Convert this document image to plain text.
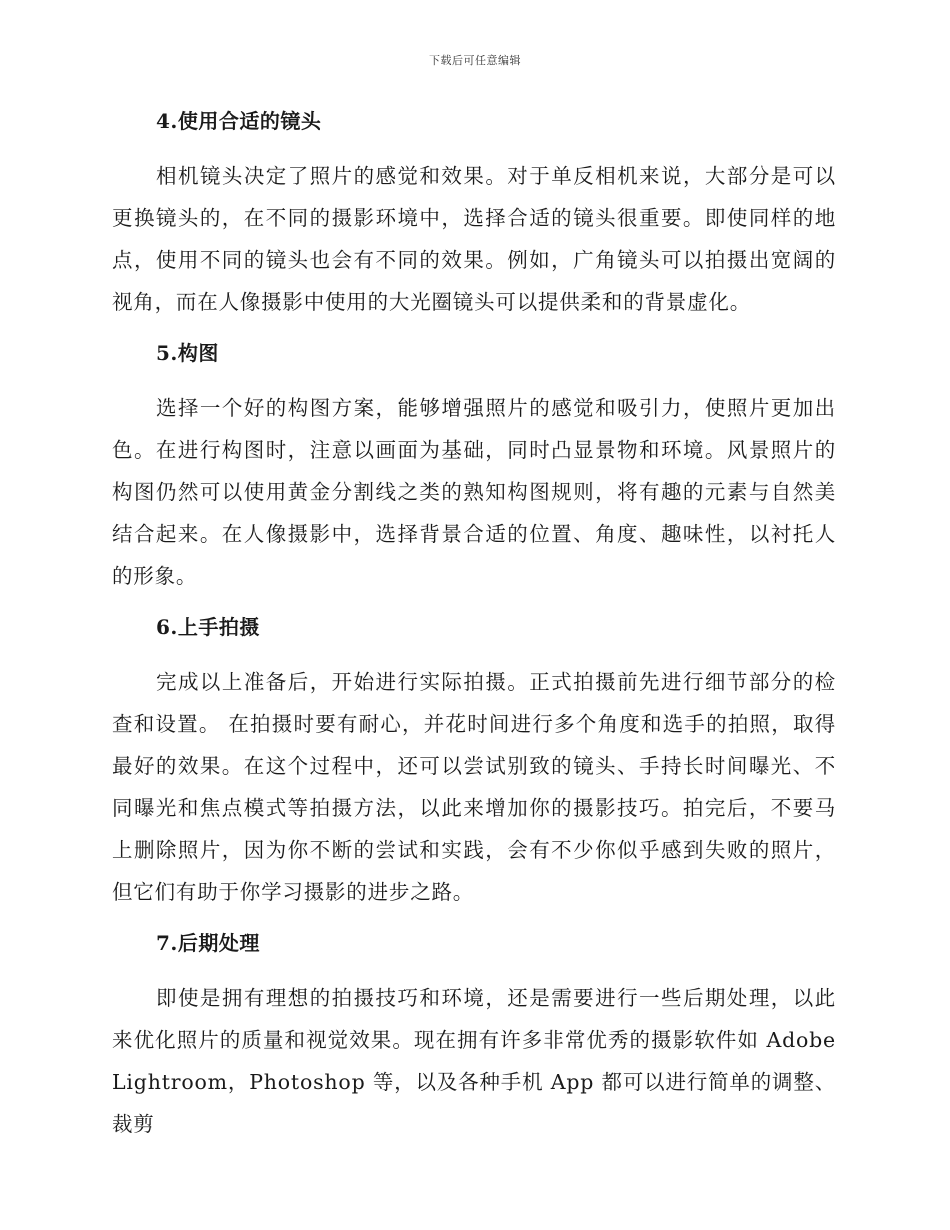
下载后可任意编辑
4.使用合适的镜头

相机镜头决定了照片的感觉和效果。对于单反相机来说，大部分是可以更换镜头的，在不同的摄影环境中，选择合适的镜头很重要。即使同样的地点，使用不同的镜头也会有不同的效果。例如，广角镜头可以拍摄出宽阔的视角，而在人像摄影中使用的大光圈镜头可以提供柔和的背景虚化。

5.构图

选择一个好的构图方案，能够增强照片的感觉和吸引力，使照片更加出色。在进行构图时，注意以画面为基础，同时凸显景物和环境。风景照片的构图仍然可以使用黄金分割线之类的熟知构图规则，将有趣的元素与自然美结合起来。在人像摄影中，选择背景合适的位置、角度、趣味性，以衬托人的形象。

6.上手拍摄

完成以上准备后，开始进行实际拍摄。正式拍摄前先进行细节部分的检查和设置。 在拍摄时要有耐心，并花时间进行多个角度和选手的拍照，取得最好的效果。在这个过程中，还可以尝试别致的镜头、手持长时间曝光、不同曝光和焦点模式等拍摄方法，以此来增加你的摄影技巧。拍完后，不要马上删除照片，因为你不断的尝试和实践，会有不少你似乎感到失败的照片，但它们有助于你学习摄影的进步之路。

7.后期处理

即使是拥有理想的拍摄技巧和环境，还是需要进行一些后期处理，以此来优化照片的质量和视觉效果。现在拥有许多非常优秀的摄影软件如 Adobe Lightroom，Photoshop 等，以及各种手机 App 都可以进行简单的调整、裁剪
